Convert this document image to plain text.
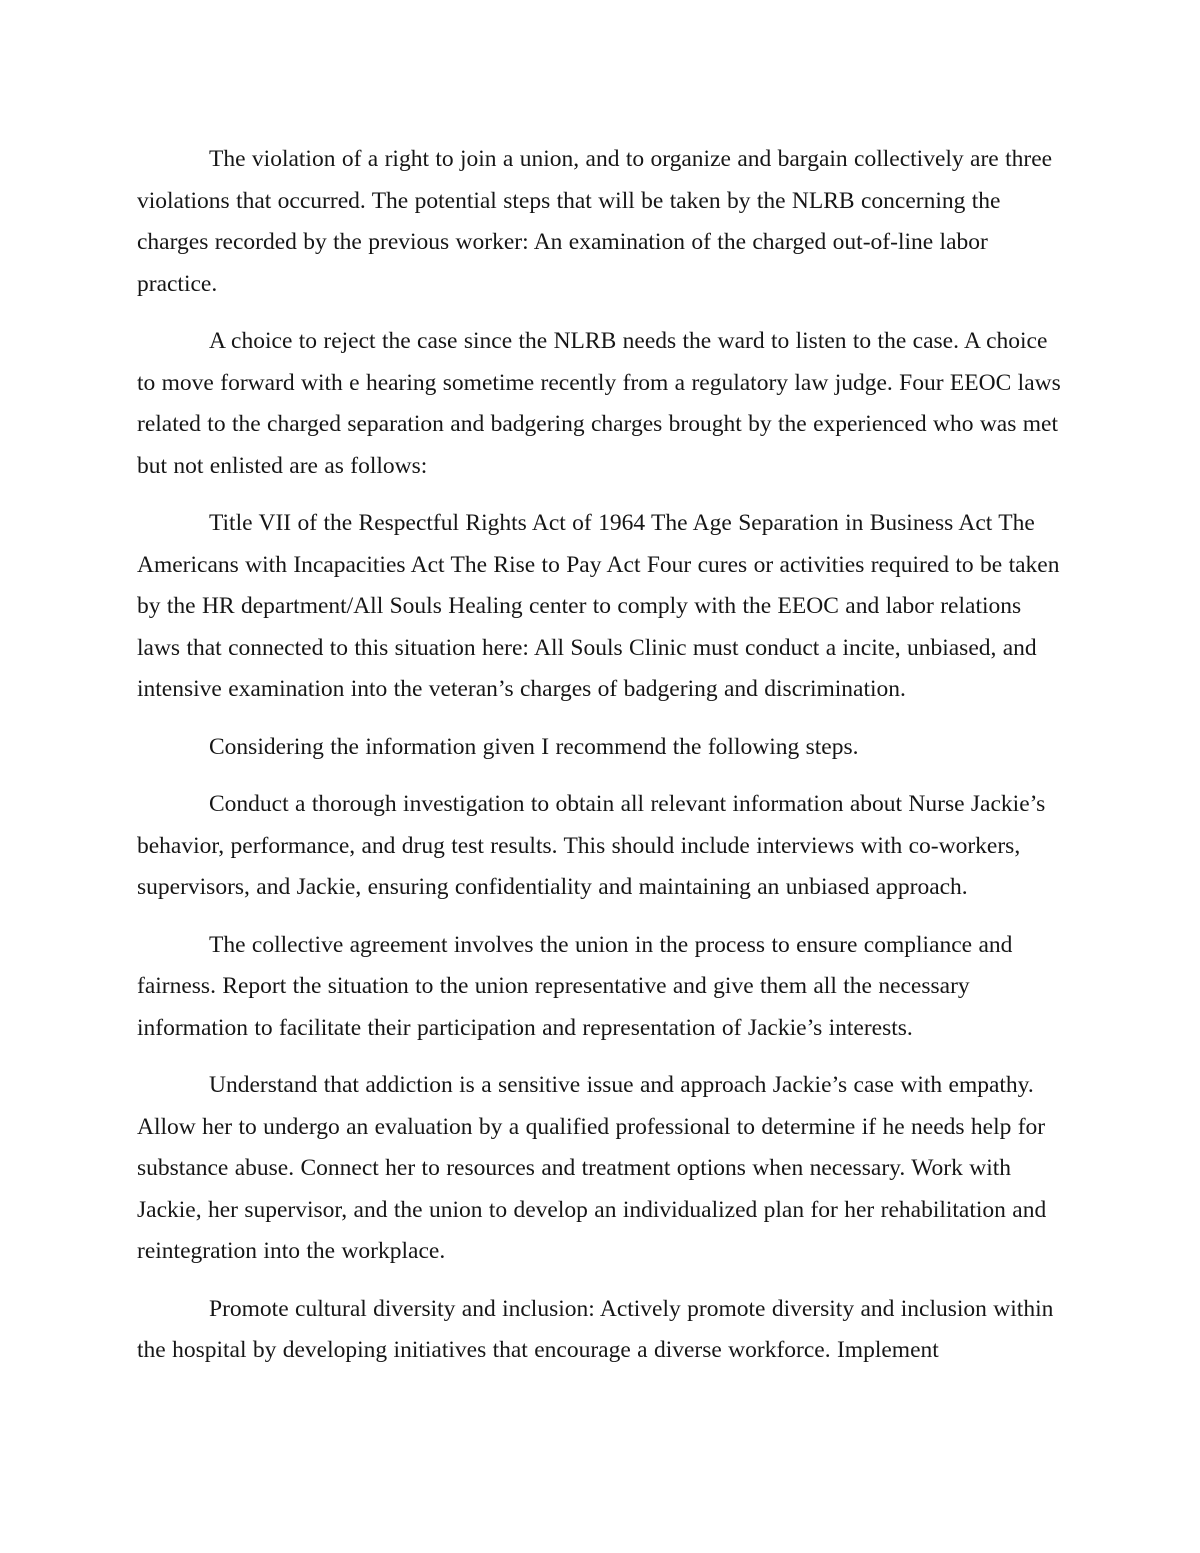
The violation of a right to join a union, and to organize and bargain collectively are three violations that occurred. The potential steps that will be taken by the NLRB concerning the charges recorded by the previous worker: An examination of the charged out-of-line labor practice.

A choice to reject the case since the NLRB needs the ward to listen to the case. A choice to move forward with e hearing sometime recently from a regulatory law judge. Four EEOC laws related to the charged separation and badgering charges brought by the experienced who was met but not enlisted are as follows:

Title VII of the Respectful Rights Act of 1964 The Age Separation in Business Act The Americans with Incapacities Act The Rise to Pay Act Four cures or activities required to be taken by the HR department/All Souls Healing center to comply with the EEOC and labor relations laws that connected to this situation here: All Souls Clinic must conduct a incite, unbiased, and intensive examination into the veteran’s charges of badgering and discrimination.

Considering the information given I recommend the following steps.

Conduct a thorough investigation to obtain all relevant information about Nurse Jackie’s behavior, performance, and drug test results. This should include interviews with co-workers, supervisors, and Jackie, ensuring confidentiality and maintaining an unbiased approach.

The collective agreement involves the union in the process to ensure compliance and fairness. Report the situation to the union representative and give them all the necessary information to facilitate their participation and representation of Jackie’s interests.

Understand that addiction is a sensitive issue and approach Jackie’s case with empathy. Allow her to undergo an evaluation by a qualified professional to determine if he needs help for substance abuse. Connect her to resources and treatment options when necessary. Work with Jackie, her supervisor, and the union to develop an individualized plan for her rehabilitation and reintegration into the workplace.

Promote cultural diversity and inclusion: Actively promote diversity and inclusion within the hospital by developing initiatives that encourage a diverse workforce. Implement
